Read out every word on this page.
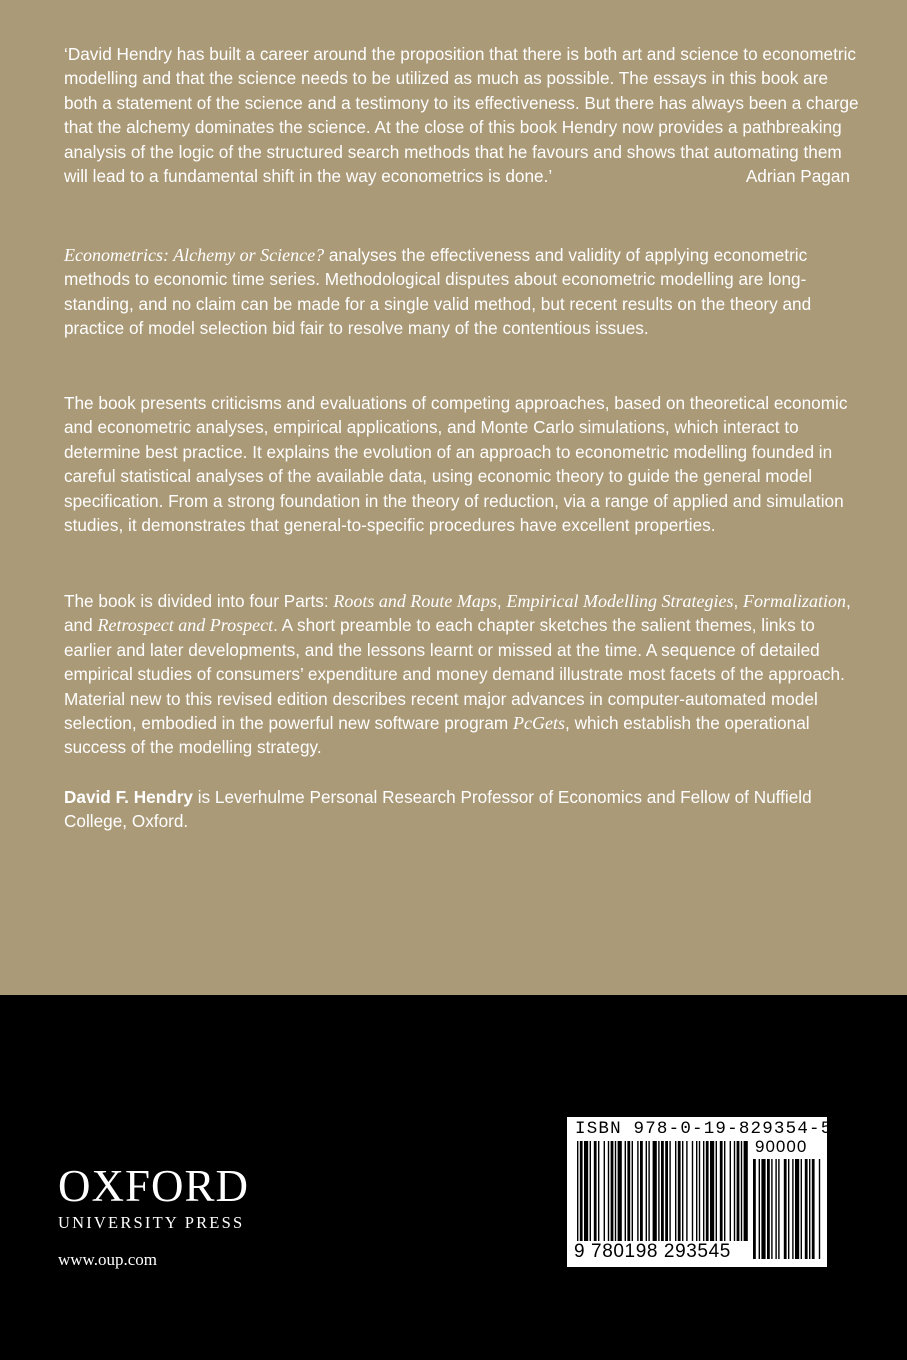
‘David Hendry has built a career around the proposition that there is both art and science to econometric modelling and that the science needs to be utilized as much as possible. The essays in this book are both a statement of the science and a testimony to its effectiveness. But there has always been a charge that the alchemy dominates the science. At the close of this book Hendry now provides a pathbreaking analysis of the logic of the structured search methods that he favours and shows that automating them will lead to a fundamental shift in the way econometrics is done.’	Adrian Pagan

Econometrics: Alchemy or Science? analyses the effectiveness and validity of applying econometric methods to economic time series. Methodological disputes about econometric modelling are long-standing, and no claim can be made for a single valid method, but recent results on the theory and practice of model selection bid fair to resolve many of the contentious issues.

The book presents criticisms and evaluations of competing approaches, based on theoretical economic and econometric analyses, empirical applications, and Monte Carlo simulations, which interact to determine best practice. It explains the evolution of an approach to econometric modelling founded in careful statistical analyses of the available data, using economic theory to guide the general model specification. From a strong foundation in the theory of reduction, via a range of applied and simulation studies, it demonstrates that general-to-specific procedures have excellent properties.

The book is divided into four Parts: Roots and Route Maps, Empirical Modelling Strategies, Formalization, and Retrospect and Prospect. A short preamble to each chapter sketches the salient themes, links to earlier and later developments, and the lessons learnt or missed at the time. A sequence of detailed empirical studies of consumers’ expenditure and money demand illustrate most facets of the approach. Material new to this revised edition describes recent major advances in computer-automated model selection, embodied in the powerful new software program PcGets, which establish the operational success of the modelling strategy.

David F. Hendry is Leverhulme Personal Research Professor of Economics and Fellow of Nuffield College, Oxford.

OXFORD
UNIVERSITY PRESS
www.oup.com
ISBN 978-0-19-829354-5
90000
9 780198 293545
